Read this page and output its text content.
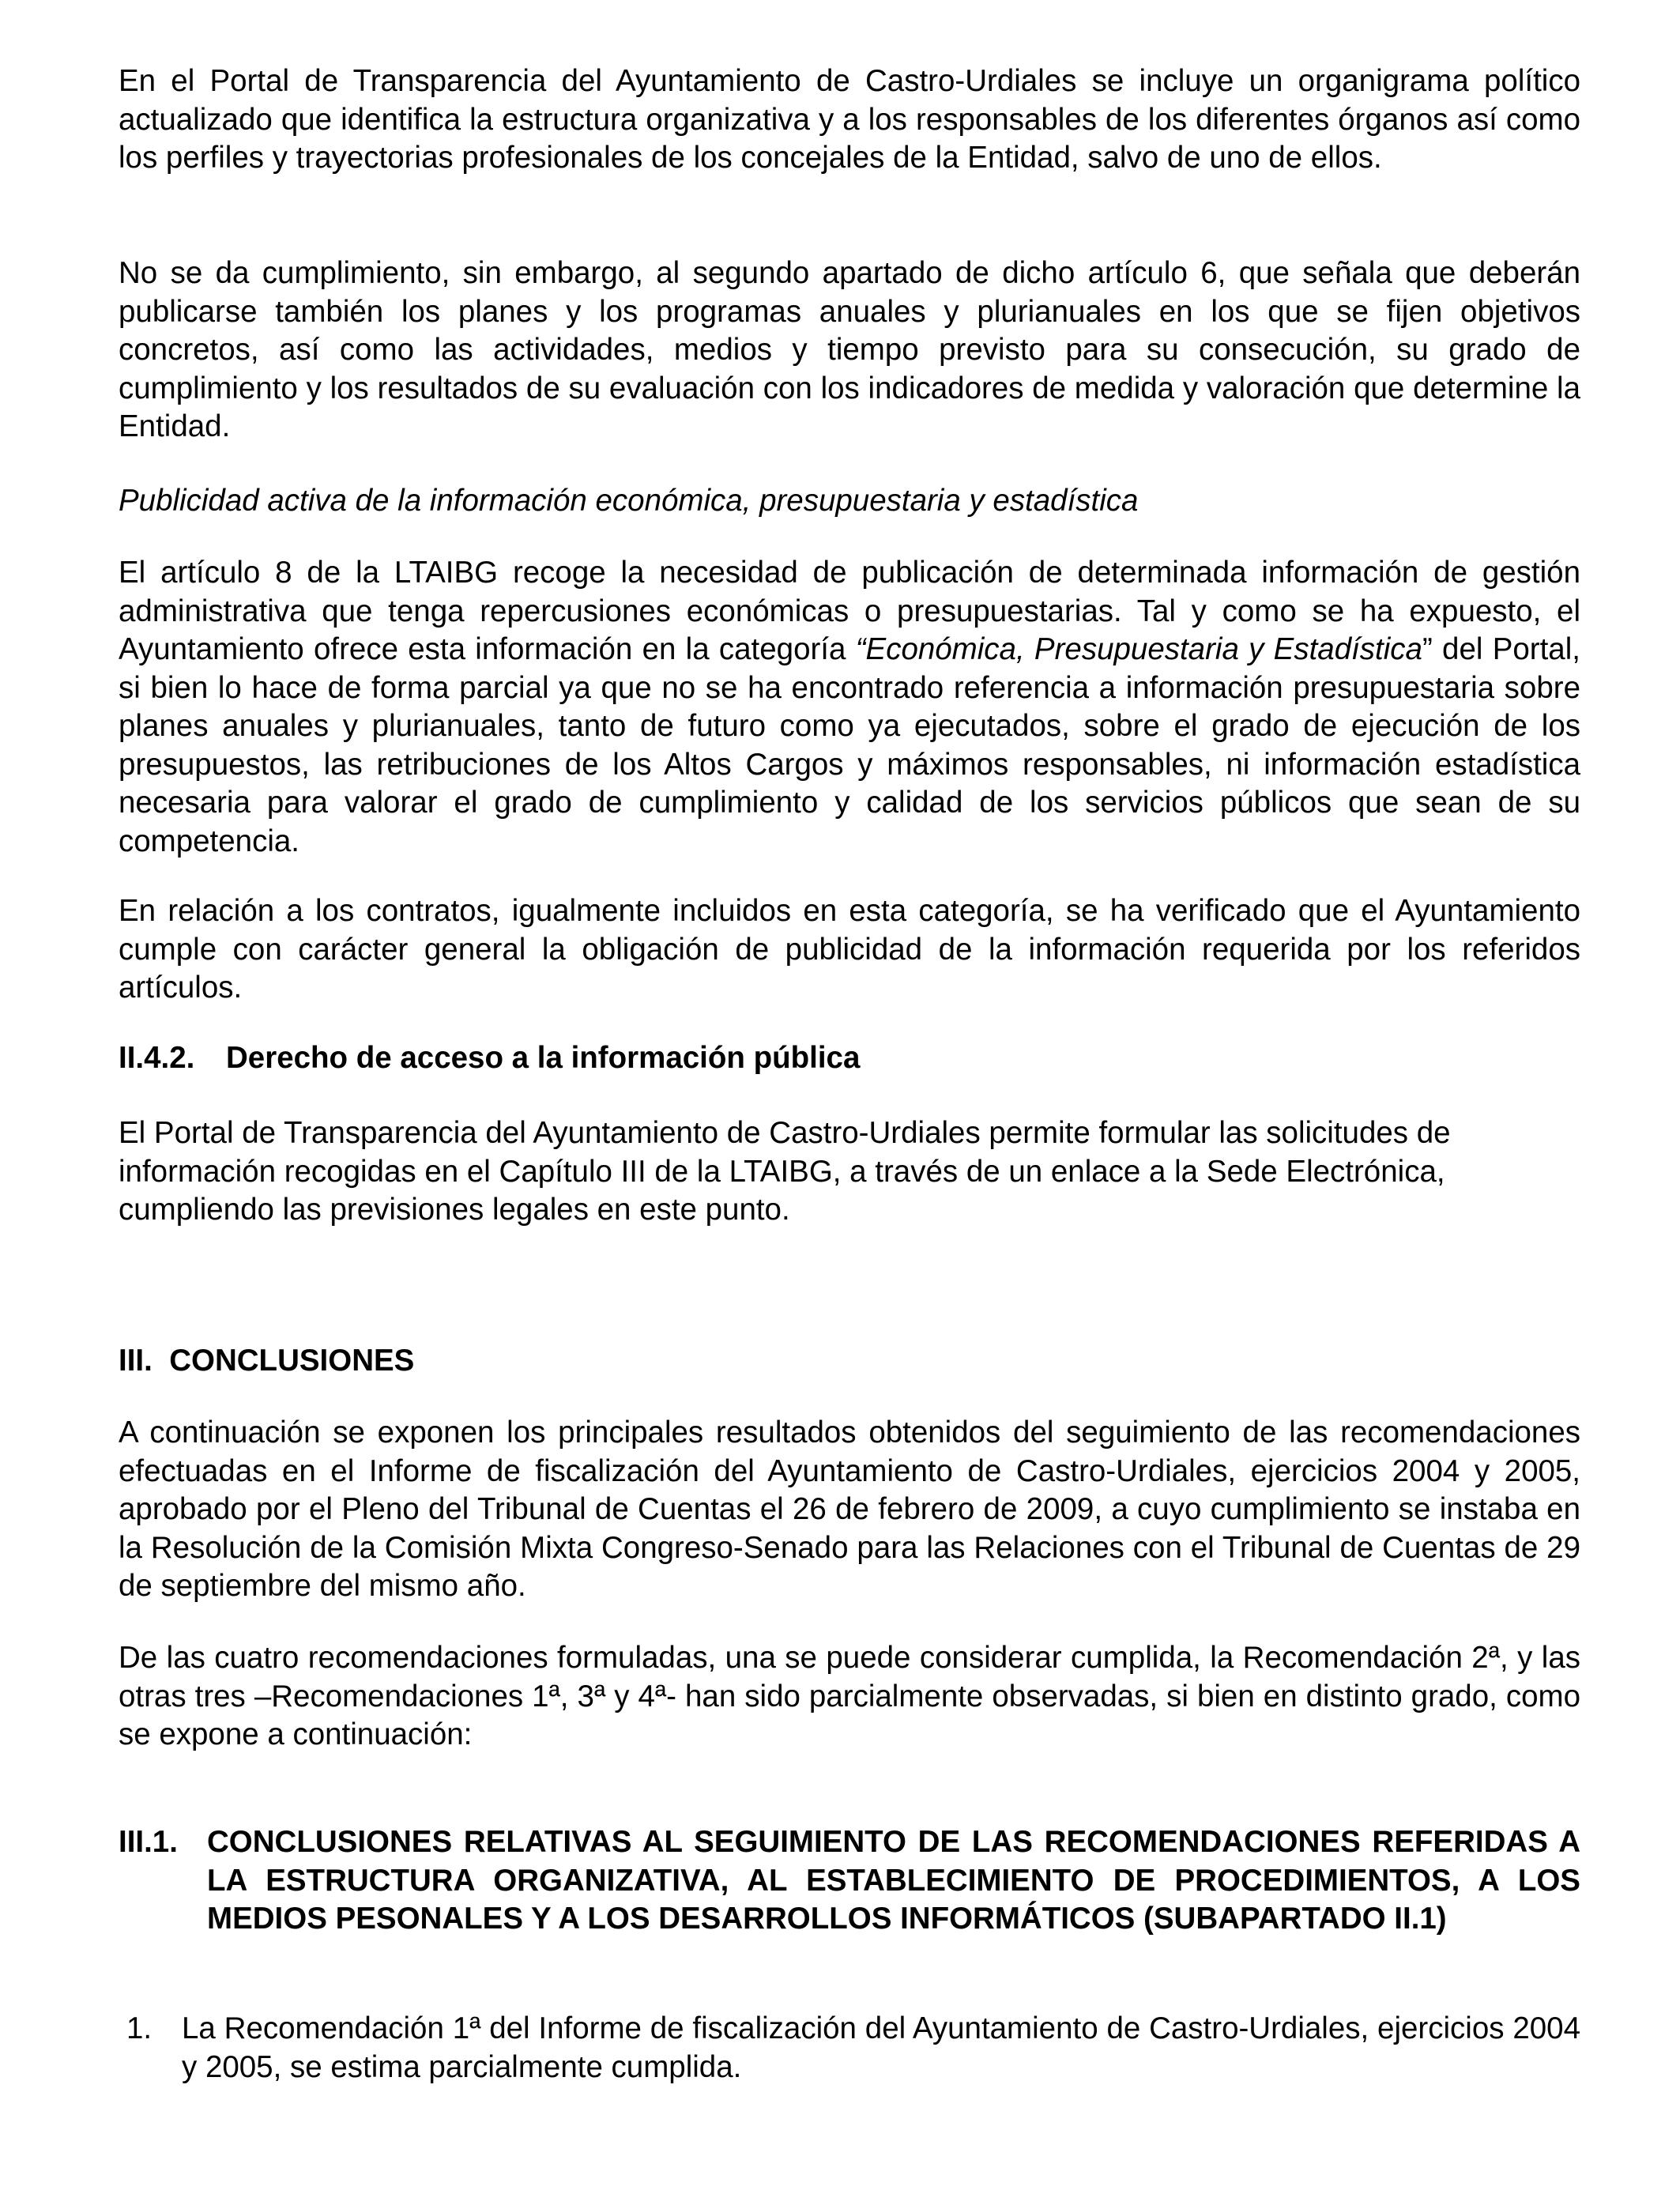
En el Portal de Transparencia del Ayuntamiento de Castro-Urdiales se incluye un organigrama político actualizado que identifica la estructura organizativa y a los responsables de los diferentes órganos así como los perfiles y trayectorias profesionales de los concejales de la Entidad, salvo de uno de ellos.

No se da cumplimiento, sin embargo, al segundo apartado de dicho artículo 6, que señala que deberán publicarse también los planes y los programas anuales y plurianuales en los que se fijen objetivos concretos, así como las actividades, medios y tiempo previsto para su consecución, su grado de cumplimiento y los resultados de su evaluación con los indicadores de medida y valoración que determine la Entidad.

Publicidad activa de la información económica, presupuestaria y estadística

El artículo 8 de la LTAIBG recoge la necesidad de publicación de determinada información de gestión administrativa que tenga repercusiones económicas o presupuestarias. Tal y como se ha expuesto, el Ayuntamiento ofrece esta información en la categoría “Económica, Presupuestaria y Estadística” del Portal, si bien lo hace de forma parcial ya que no se ha encontrado referencia a información presupuestaria sobre planes anuales y plurianuales, tanto de futuro como ya ejecutados, sobre el grado de ejecución de los presupuestos, las retribuciones de los Altos Cargos y máximos responsables, ni información estadística necesaria para valorar el grado de cumplimiento y calidad de los servicios públicos que sean de su competencia.

En relación a los contratos, igualmente incluidos en esta categoría, se ha verificado que el Ayuntamiento cumple con carácter general la obligación de publicidad de la información requerida por los referidos artículos.

II.4.2. Derecho de acceso a la información pública

El Portal de Transparencia del Ayuntamiento de Castro-Urdiales permite formular las solicitudes de información recogidas en el Capítulo III de la LTAIBG, a través de un enlace a la Sede Electrónica, cumpliendo las previsiones legales en este punto.

III. CONCLUSIONES

A continuación se exponen los principales resultados obtenidos del seguimiento de las recomendaciones efectuadas en el Informe de fiscalización del Ayuntamiento de Castro-Urdiales, ejercicios 2004 y 2005, aprobado por el Pleno del Tribunal de Cuentas el 26 de febrero de 2009, a cuyo cumplimiento se instaba en la Resolución de la Comisión Mixta Congreso-Senado para las Relaciones con el Tribunal de Cuentas de 29 de septiembre del mismo año.

De las cuatro recomendaciones formuladas, una se puede considerar cumplida, la Recomendación 2ª, y las otras tres –Recomendaciones 1ª, 3ª y 4ª- han sido parcialmente observadas, si bien en distinto grado, como se expone a continuación:

III.1. CONCLUSIONES RELATIVAS AL SEGUIMIENTO DE LAS RECOMENDACIONES REFERIDAS A LA ESTRUCTURA ORGANIZATIVA, AL ESTABLECIMIENTO DE PROCEDIMIENTOS, A LOS MEDIOS PESONALES Y A LOS DESARROLLOS INFORMÁTICOS (SUBAPARTADO II.1)
1. La Recomendación 1ª del Informe de fiscalización del Ayuntamiento de Castro-Urdiales, ejercicios 2004 y 2005, se estima parcialmente cumplida.
